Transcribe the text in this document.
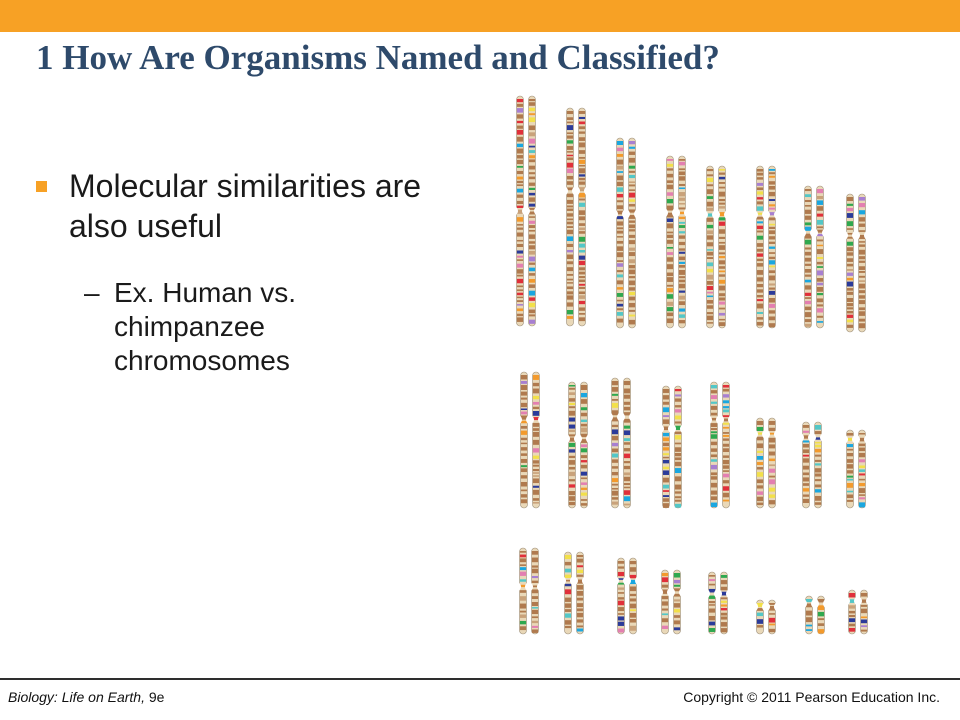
1 How Are Organisms Named and Classified?
Molecular similarities are also useful
– Ex. Human vs. chimpanzee chromosomes
Biology: Life on Earth, 9e	Copyright © 2011 Pearson Education Inc.
